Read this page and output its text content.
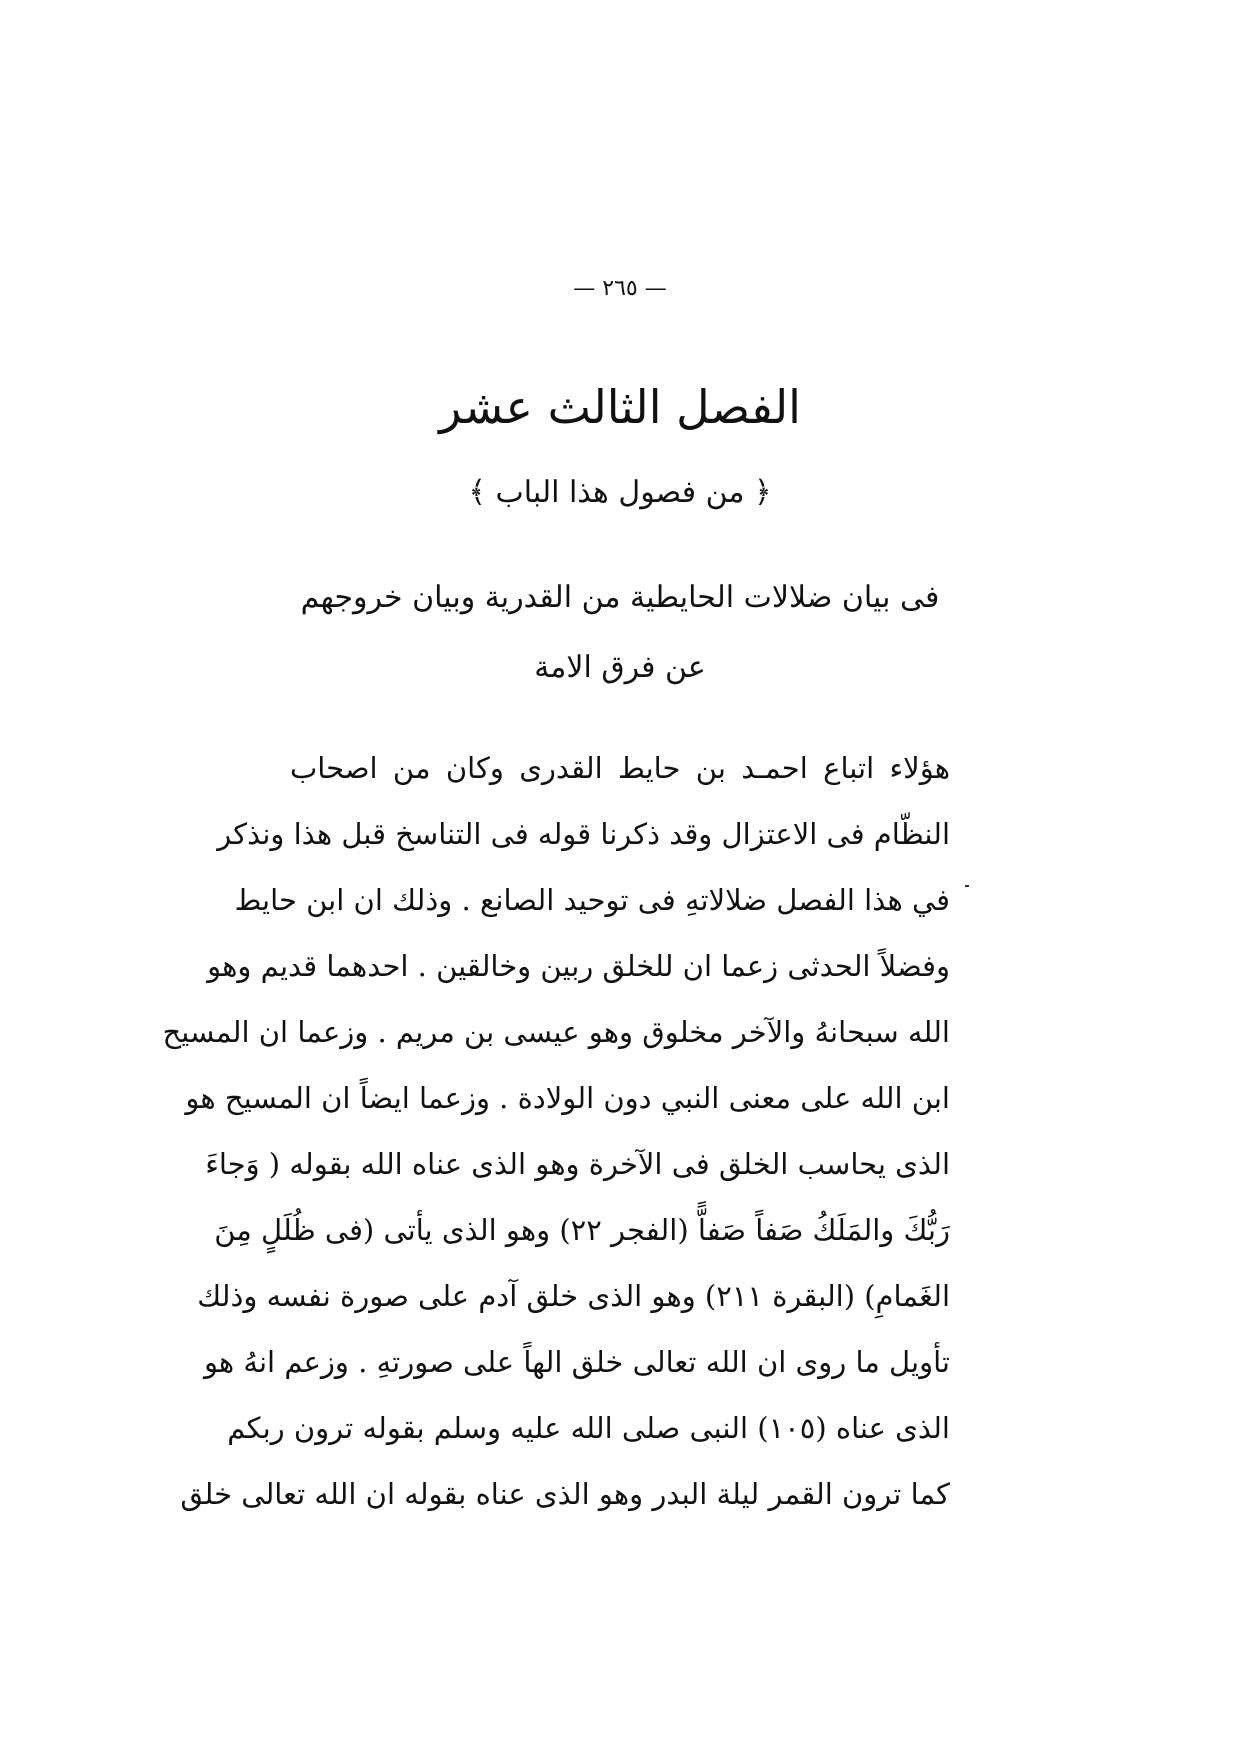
— ٢٦٥ —
الفصل الثالث عشر
﴿ من فصول هذا الباب ﴾
فى بيان ضلالات الحايطية من القدرية وبيان خروجهم
عن فرق الامة
هؤلاء اتباع احمـد بن حايط القدرى وكان من اصحاب
النظّام فى الاعتزال وقد ذكرنا قوله فى التناسخ قبل هذا ونذكر
في هذا الفصل ضلالاتهِ فى توحيد الصانع . وذلك ان ابن حايط
وفضلاً الحدثى زعما ان للخلق ربين وخالقين . احدهما قديم وهو
الله سبحانهُ والآخر مخلوق وهو عيسى بن مريم . وزعما ان المسيح
ابن الله على معنى النبي دون الولادة . وزعما ايضاً ان المسيح هو
الذى يحاسب الخلق فى الآخرة وهو الذى عناه الله بقوله ( وَجاءَ
رَبُّكَ والمَلَكُ صَفاً صَفاًّ (الفجر ٢٢) وهو الذى يأتى (فى ظُلَلٍ مِنَ
الغَمامِ) (البقرة ٢١١) وهو الذى خلق آدم على صورة نفسه وذلك
تأويل ما روى ان الله تعالى خلق الهاً على صورتهِ . وزعم انهُ هو
الذى عناه (١٠٥) النبى صلى الله عليه وسلم بقوله ترون ربكم
كما ترون القمر ليلة البدر وهو الذى عناه بقوله ان الله تعالى خلق
